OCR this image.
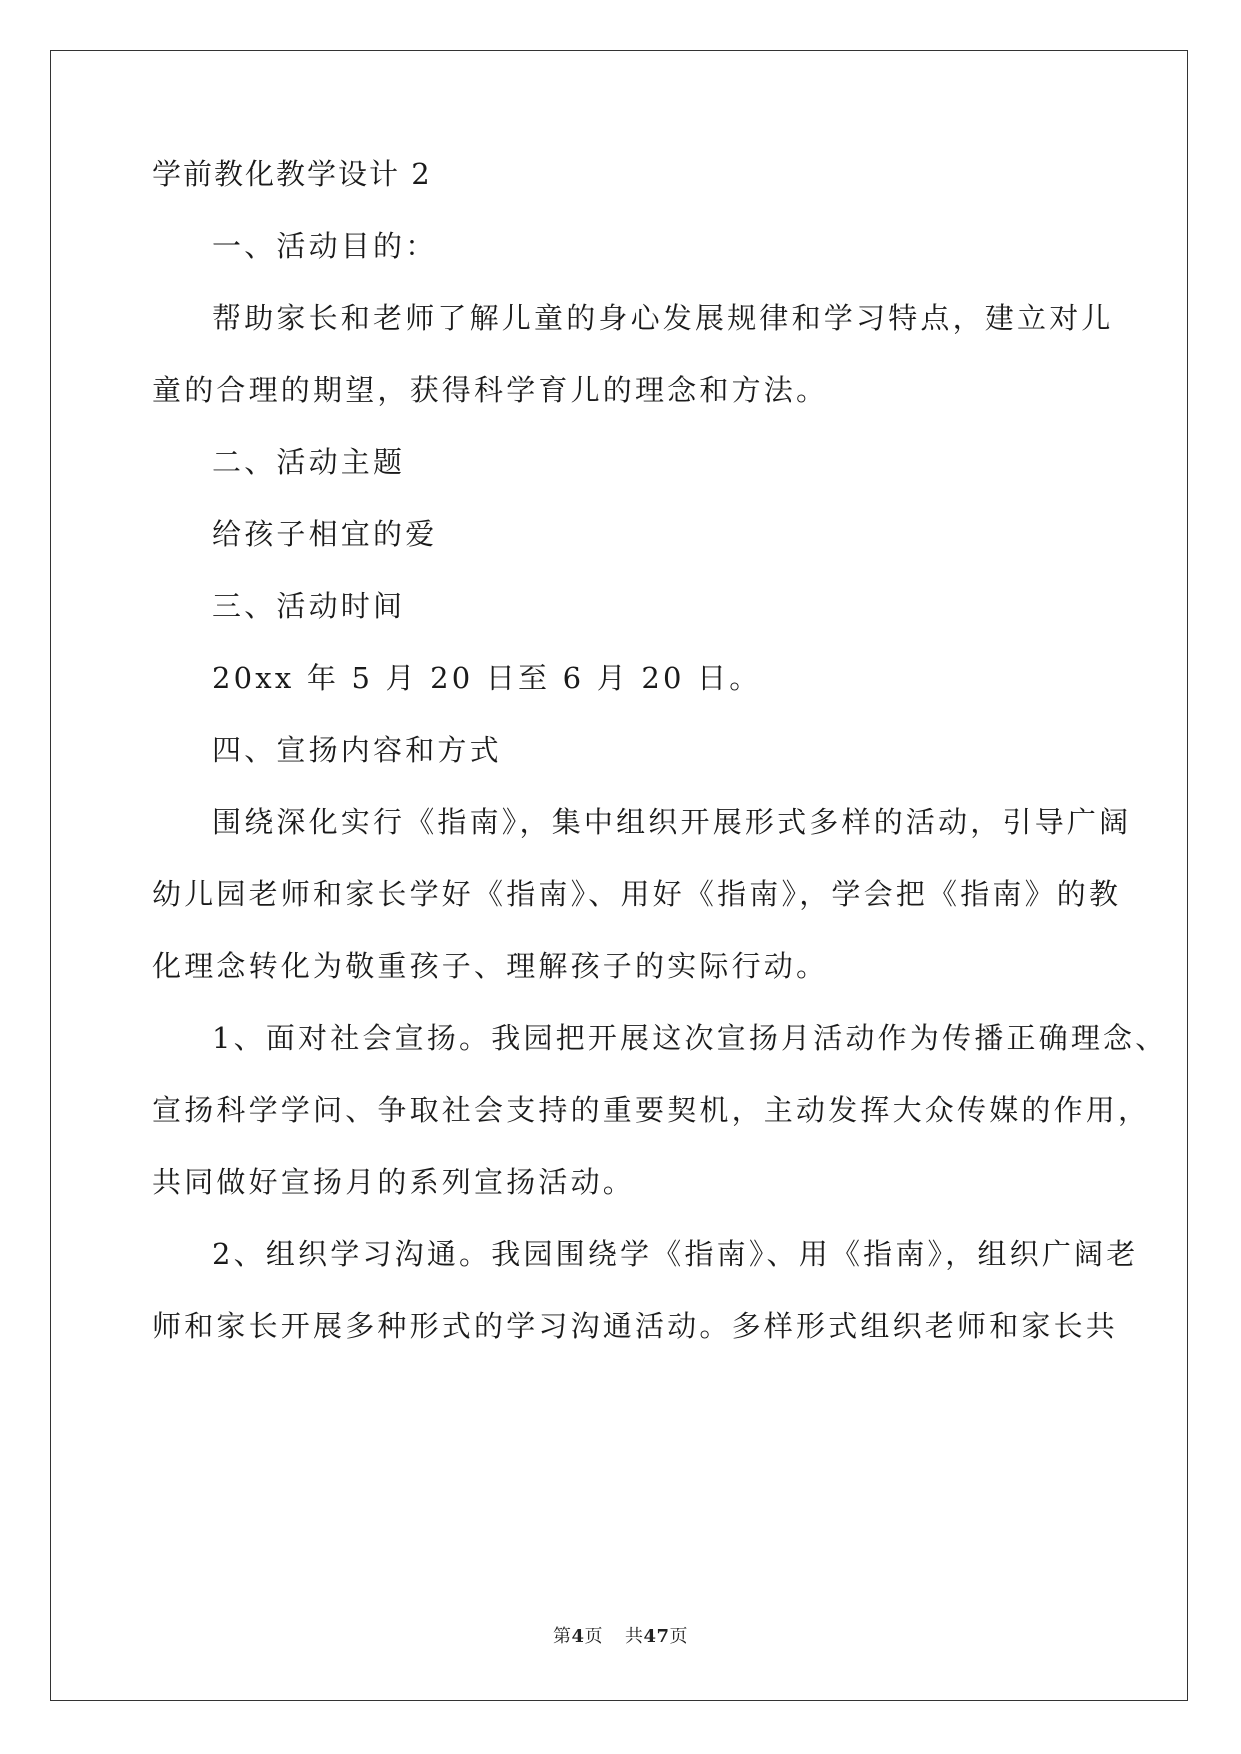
学前教化教学设计 2
一、活动目的：
帮助家长和老师了解儿童的身心发展规律和学习特点，建立对儿
童的合理的期望，获得科学育儿的理念和方法。
二、活动主题
给孩子相宜的爱
三、活动时间
20xx 年 5 月 20 日至 6 月 20 日。
四、宣扬内容和方式
围绕深化实行《指南》，集中组织开展形式多样的活动，引导广阔
幼儿园老师和家长学好《指南》、用好《指南》，学会把《指南》的教
化理念转化为敬重孩子、理解孩子的实际行动。
1、面对社会宣扬。我园把开展这次宣扬月活动作为传播正确理念、
宣扬科学学问、争取社会支持的重要契机，主动发挥大众传媒的作用，
共同做好宣扬月的系列宣扬活动。
2、组织学习沟通。我园围绕学《指南》、用《指南》，组织广阔老
师和家长开展多种形式的学习沟通活动。多样形式组织老师和家长共
第4页 共47页
